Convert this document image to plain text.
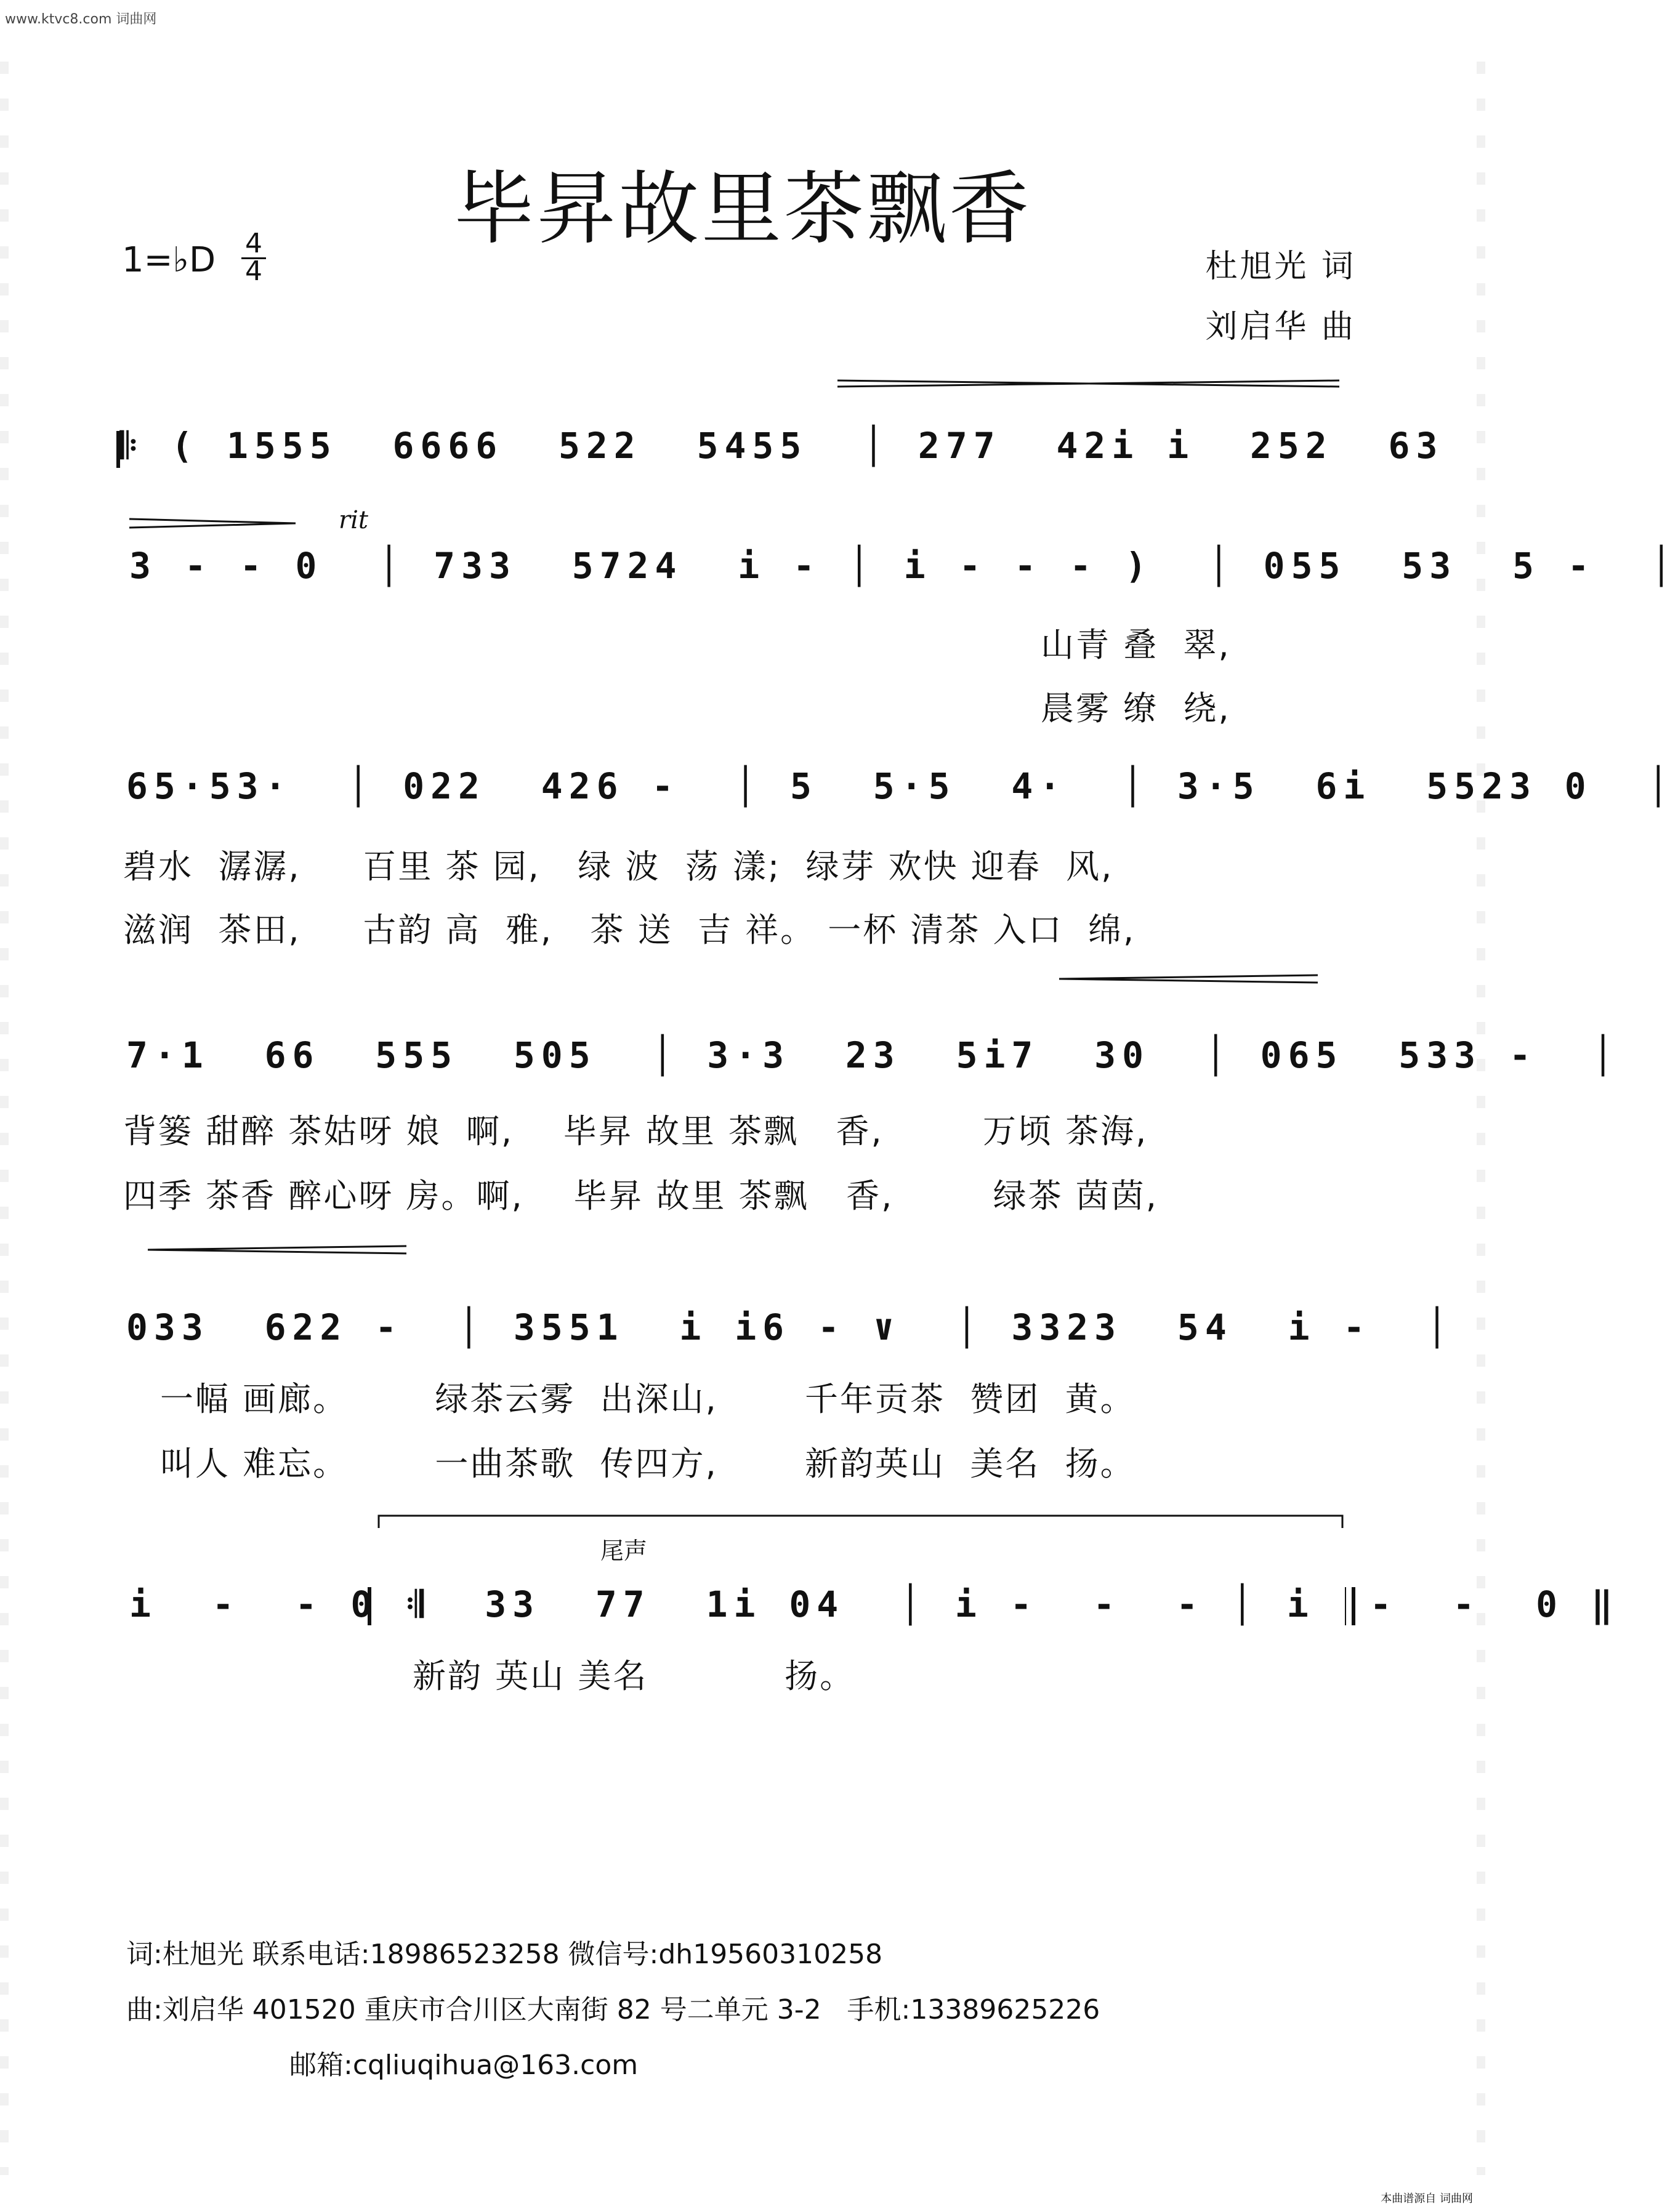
www.ktvc8.com 词曲网
毕昇故里茶飘香
1=♭D 4
4	杜旭光 词
刘启华 曲
rit
尾声
𝄆 ( 1555  6666  522  5455  │ 277  42i i  252  63
3 - - 0  │ 733  5724  i - │ i - - - )  │ 055  53  5 -  │
65·53·  │ 022  426 -  │ 5  5·5  4·  │ 3·5  6i  5523 0  │
7·1  66  555  505  │ 3·3  23  5i7  30  │ 065  533 -  │
033  622 -  │ 3551  i i6 - ∨  │ 3323  54  i -  │
i  -  - 0 𝄇  33  77  1i 04  │ i -  -  - │ i  -  -  0 ‖
山青 叠  翠,
晨雾 缭  绕,
碧水  潺潺,     百里 茶 园,   绿 波  荡 漾;  绿芽 欢快 迎春  风,
滋润  茶田,     古韵 高  雅,   茶 送  吉 祥。 一杯 清茶 入口  绵,
背篓 甜醉 茶姑呀 娘  啊,    毕昇 故里 茶飘   香,        万顷 茶海,
四季 茶香 醉心呀 房。啊,    毕昇 故里 茶飘   香,        绿茶 茵茵,
一幅 画廊。       绿茶云雾  出深山,       千年贡茶  赞团  黄。
叫人 难忘。       一曲茶歌  传四方,       新韵英山  美名  扬。
新韵 英山 美名           扬。
词:杜旭光 联系电话:18986523258 微信号:dh19560310258
曲:刘启华 401520 重庆市合川区大南街 82 号二单元 3-2   手机:13389625226
邮箱:cqliuqihua@163.com
本曲谱源自 词曲网
